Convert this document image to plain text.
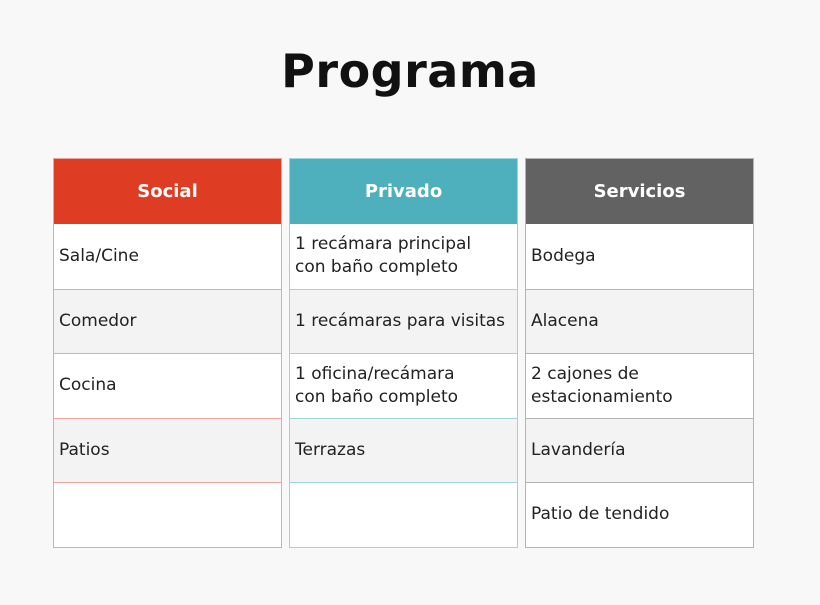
Programa
Social
Sala/Cine
Comedor
Cocina
Patios
Privado
1 recámara principal
con baño completo
1 recámaras para visitas
1 oficina/recámara
con baño completo
Terrazas
Servicios
Bodega
Alacena
2 cajones de
estacionamiento
Lavandería
Patio de tendido
